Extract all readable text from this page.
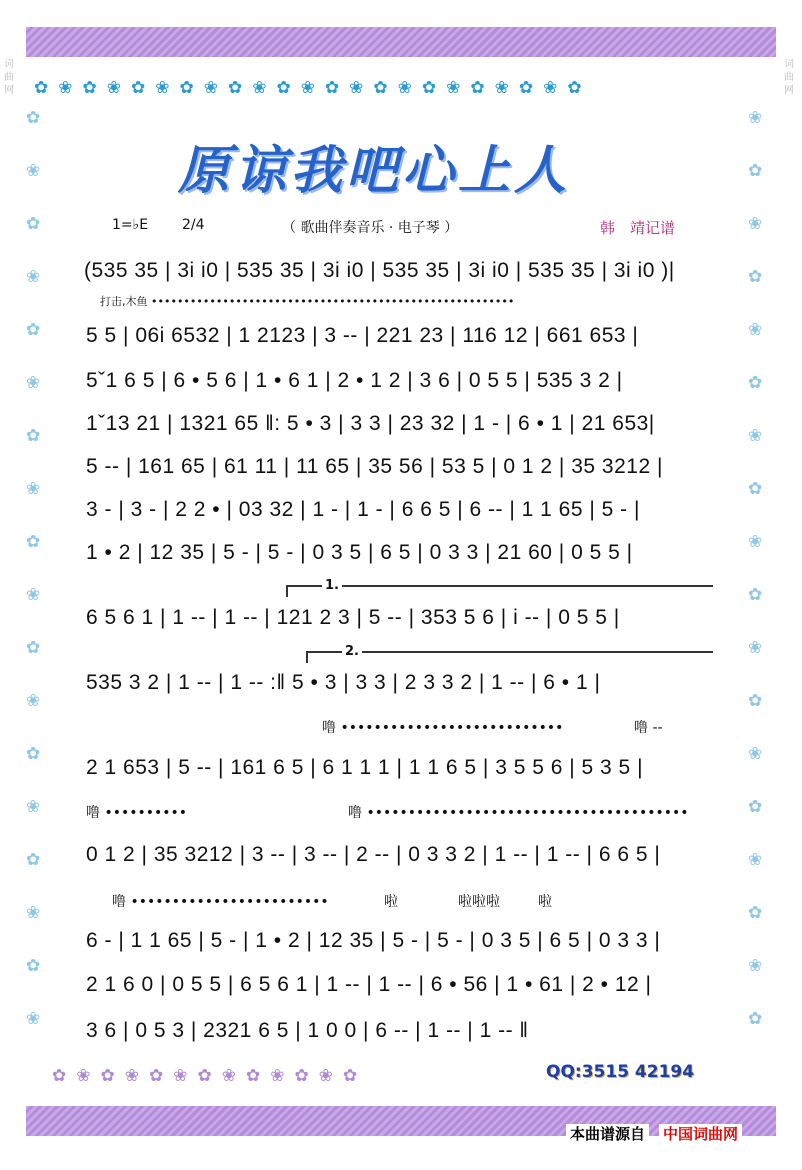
词曲网
词曲网
✿❀✿❀✿❀✿❀✿❀✿❀✿❀✿❀✿❀✿❀✿❀✿
✿❀✿❀✿❀✿❀✿❀✿❀✿
✿ ❀ ✿ ❀ ✿ ❀ ✿ ❀ ✿ ❀ ✿ ❀ ✿ ❀ ✿ ❀ ✿ ❀
❀ ✿ ❀ ✿ ❀ ✿ ❀ ✿ ❀ ✿ ❀ ✿ ❀ ✿ ❀ ✿ ❀ ✿
原谅我吧心上人
1=♭E 2/4	（ 歌曲伴奏音乐 · 电子琴 ）	韩　靖记谱
(535 35 | 3i i0 | 535 35 | 3i i0 | 535 35 | 3i i0 | 535 35 | 3i i0 )|
打击,木鱼 ••••••••••••••••••••••••••••••••••••••••••••••••••••••••
5 5 | 06i 6532 | 1 2123 | 3 -- | 221 23 | 116 12 | 661 653 |
5ˇ1 6 5 | 6 • 5 6 | 1 • 6 1 | 2 • 1 2 | 3 6 | 0 5 5 | 535 3 2 |
1ˇ13 21 | 1321 65 ‖: 5 • 3 | 3 3 | 23 32 | 1 - | 6 • 1 | 21 653|
5 -- | 161 65 | 61 11 | 11 65 | 35 56 | 53 5 | 0 1 2 | 35 3212 |
3 - | 3 - | 2 2 • | 03 32 | 1 - | 1 - | 6 6 5 | 6 -- | 1 1 65 | 5 - |
1 • 2 | 12 35 | 5 - | 5 - | 0 3 5 | 6 5 | 0 3 3 | 21 60 | 0 5 5 |
1.
6 5 6 1 | 1 -- | 1 -- | 121 2 3 | 5 -- | 353 5 6 | i -- | 0 5 5 |
2.
535 3 2 | 1 -- | 1 -- :‖ 5 • 3 | 3 3 | 2 3 3 2 | 1 -- | 6 • 1 |
噜 •••••••••••••••••••••••••••	噜 --
2 1 653 | 5 -- | 161 6 5 | 6 1 1 1 | 1 1 6 5 | 3 5 5 6 | 5 3 5 |
噜 ••••••••••	噜 •••••••••••••••••••••••••••••••••••••••
0 1 2 | 35 3212 | 3 -- | 3 -- | 2 -- | 0 3 3 2 | 1 -- | 1 -- | 6 6 5 |
噜 ••••••••••••••••••••••••	啦	啦啦啦	啦
6 - | 1 1 65 | 5 - | 1 • 2 | 12 35 | 5 - | 5 - | 0 3 5 | 6 5 | 0 3 3 |
2 1 6 0 | 0 5 5 | 6 5 6 1 | 1 -- | 1 -- | 6 • 56 | 1 • 61 | 2 • 12 |
3 6 | 0 5 3 | 2321 6 5 | 1 0 0 | 6 -- | 1 -- | 1 -- ‖
QQ:3515 42194
本曲谱源自 中国词曲网
